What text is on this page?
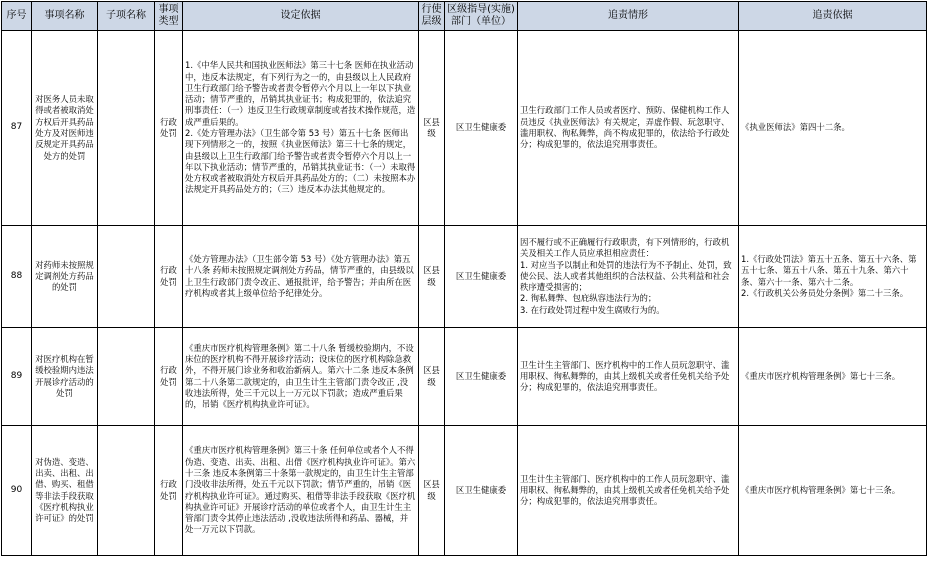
序号	事项名称	子项名称	事项类型	设定依据	行使层级	区级指导(实施)部门（单位）	追责情形	追责依据
87	对医务人员未取得或者被取消处方权后开具药品处方及对医师违反规定开具药品处方的处罚		行政处罚	1.《中华人民共和国执业医师法》第三十七条 医师在执业活动中，违反本法规定，有下列行为之一的，由县级以上人民政府卫生行政部门给予警告或者责令暂停六个月以上一年以下执业活动；情节严重的，吊销其执业证书；构成犯罪的，依法追究刑事责任：（一）违反卫生行政规章制度或者技术操作规范，造成严重后果的。
2.《处方管理办法》（卫生部令第 53 号）第五十七条 医师出现下列情形之一的，按照《执业医师法》第三十七条的规定，由县级以上卫生行政部门给予警告或者责令暂停六个月以上一年以下执业活动；情节严重的，吊销其执业证书：（一）未取得处方权或者被取消处方权后开具药品处方的；（二）未按照本办法规定开具药品处方的；（三）违反本办法其他规定的。	区县级	区卫生健康委	卫生行政部门工作人员或者医疗、预防、保健机构工作人员违反《执业医师法》有关规定，弄虚作假、玩忽职守、滥用职权、徇私舞弊，尚不构成犯罪的，依法给予行政处分；构成犯罪的，依法追究刑事责任。	《执业医师法》第四十二条。

88	对药师未按照规定调剂处方药品的处罚		行政处罚	《处方管理办法》（卫生部令第 53 号）《处方管理办法》第五十八条 药师未按照规定调剂处方药品，情节严重的，由县级以上卫生行政部门责令改正、通报批评，给予警告；并由所在医疗机构或者其上级单位给予纪律处分。	区县级	区卫生健康委	因不履行或不正确履行行政职责，有下列情形的，行政机关及相关工作人员应承担相应责任：
1. 对应当予以制止和处罚的违法行为不予制止、处罚，致使公民、法人或者其他组织的合法权益、公共利益和社会秩序遭受损害的；
2. 徇私舞弊、包庇纵容违法行为的；
3. 在行政处罚过程中发生腐败行为的。	1.《行政处罚法》第五十五条、第五十六条、第五十七条、第五十八条、第五十九条、第六十条、第六十一条、第六十二条。
2.《行政机关公务员处分条例》第二十三条。

89	对医疗机构在暂缓校验期内违法开展诊疗活动的处罚		行政处罚	《重庆市医疗机构管理条例》第二十八条 暂缓校验期内，不设床位的医疗机构不得开展诊疗活动；设床位的医疗机构除急救外，不得开展门诊业务和收治新病人。第六十二条 违反本条例第二十八条第二款规定的，由卫生计生主管部门责令改正 ,没收违法所得，处三千元以上一万元以下罚款；造成严重后果的，吊销《医疗机构执业许可证》。	区县级	区卫生健康委	卫生计生主管部门、医疗机构中的工作人员玩忽职守、滥用职权、徇私舞弊的，由其上级机关或者任免机关给予处分；构成犯罪的，依法追究刑事责任。	《重庆市医疗机构管理条例》第七十三条。

90	对伪造、变造、出卖、出租、出借、购买、租借等非法手段获取《医疗机构执业许可证》的处罚		行政处罚	《重庆市医疗机构管理条例》第三十条 任何单位或者个人不得伪造、变造、出卖、出租、出借《医疗机构执业许可证》。第六十三条 违反本条例第三十条第一款规定的，由卫生计生主管部门没收非法所得，处五千元以下罚款；情节严重的，吊销《医疗机构执业许可证》。通过购买、租借等非法手段获取《医疗机构执业许可证》开展诊疗活动的单位或者个人，由卫生计生主管部门责令其停止违法活动 ,没收违法所得和药品、器械，并处一万元以下罚款。	区县级	区卫生健康委	卫生计生主管部门、医疗机构中的工作人员玩忽职守、滥用职权、徇私舞弊的，由其上级机关或者任免机关给予处分；构成犯罪的，依法追究刑事责任。	《重庆市医疗机构管理条例》第七十三条。
